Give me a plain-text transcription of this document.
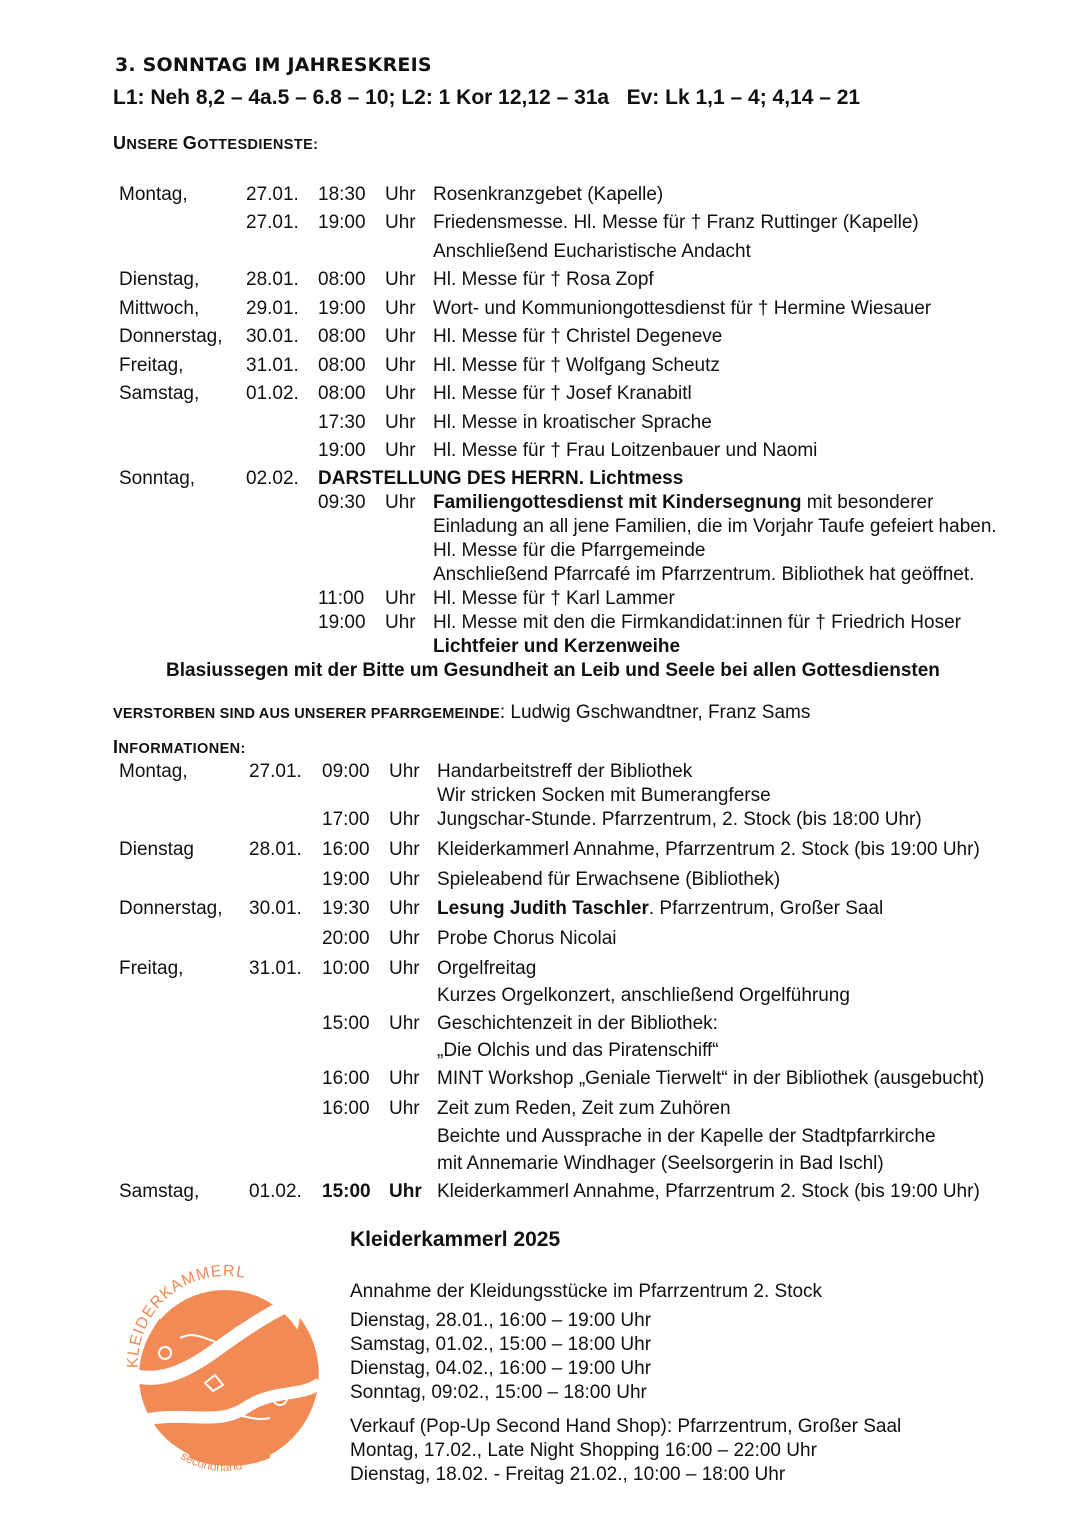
3. SONNTAG IM JAHRESKREIS
L1: Neh 8,2 – 4a.5 – 6.8 – 10; L2: 1 Kor 12,12 – 31a   Ev: Lk 1,1 – 4; 4,14 – 21
UNSERE GOTTESDIENSTE:
Montag,	27.01. 18:30 Uhr Rosenkranzgebet (Kapelle)
27.01. 19:00 Uhr Friedensmesse. Hl. Messe für † Franz Ruttinger (Kapelle)
Anschließend Eucharistische Andacht
Dienstag, 28.01. 08:00 Uhr Hl. Messe für † Rosa Zopf
Mittwoch, 29.01. 19:00 Uhr Wort- und Kommuniongottesdienst für † Hermine Wiesauer
Donnerstag, 30.01. 08:00 Uhr Hl. Messe für † Christel Degeneve
Freitag,	31.01. 08:00 Uhr Hl. Messe für † Wolfgang Scheutz
Samstag, 01.02. 08:00 Uhr Hl. Messe für † Josef Kranabitl
17:30 Uhr Hl. Messe in kroatischer Sprache
19:00 Uhr Hl. Messe für † Frau Loitzenbauer und Naomi
Sonntag,	02.02. DARSTELLUNG DES HERRN. Lichtmess
09:30 Uhr Familiengottesdienst mit Kindersegnung mit besonderer
Einladung an all jene Familien, die im Vorjahr Taufe gefeiert haben.
Hl. Messe für die Pfarrgemeinde
Anschließend Pfarrcafé im Pfarrzentrum. Bibliothek hat geöffnet.
11:00 Uhr Hl. Messe für † Karl Lammer
19:00 Uhr Hl. Messe mit den die Firmkandidat:innen für † Friedrich Hoser
Lichtfeier und Kerzenweihe
Blasiussegen mit der Bitte um Gesundheit an Leib und Seele bei allen Gottesdiensten
VERSTORBEN SIND AUS UNSERER PFARRGEMEINDE: Ludwig Gschwandtner, Franz Sams
INFORMATIONEN:
Montag,	27.01. 09:00 Uhr Handarbeitstreff der Bibliothek
Wir stricken Socken mit Bumerangferse
17:00 Uhr Jungschar-Stunde. Pfarrzentrum, 2. Stock (bis 18:00 Uhr)
Dienstag	28.01. 16:00 Uhr Kleiderkammerl Annahme, Pfarrzentrum 2. Stock (bis 19:00 Uhr)
19:00 Uhr Spieleabend für Erwachsene (Bibliothek)
Donnerstag, 30.01. 19:30 Uhr Lesung Judith Taschler. Pfarrzentrum, Großer Saal
20:00 Uhr Probe Chorus Nicolai
Freitag,	31.01. 10:00 Uhr Orgelfreitag
Kurzes Orgelkonzert, anschließend Orgelführung
15:00 Uhr Geschichtenzeit in der Bibliothek:
„Die Olchis und das Piratenschiff“
16:00 Uhr MINT Workshop „Geniale Tierwelt“ in der Bibliothek (ausgebucht)
16:00 Uhr Zeit zum Reden, Zeit zum Zuhören
Beichte und Aussprache in der Kapelle der Stadtpfarrkirche
mit Annemarie Windhager (Seelsorgerin in Bad Ischl)
Samstag,	01.02. 15:00 Uhr Kleiderkammerl Annahme, Pfarrzentrum 2. Stock (bis 19:00 Uhr)
Kleiderkammerl 2025
KLEIDERKAMMERL
secondhand
Annahme der Kleidungsstücke im Pfarrzentrum 2. Stock
Dienstag, 28.01., 16:00 – 19:00 Uhr
Samstag, 01.02., 15:00 – 18:00 Uhr
Dienstag, 04.02., 16:00 – 19:00 Uhr
Sonntag, 09:02., 15:00 – 18:00 Uhr
Verkauf (Pop-Up Second Hand Shop): Pfarrzentrum, Großer Saal
Montag, 17.02., Late Night Shopping 16:00 – 22:00 Uhr
Dienstag, 18.02. - Freitag 21.02., 10:00 – 18:00 Uhr
